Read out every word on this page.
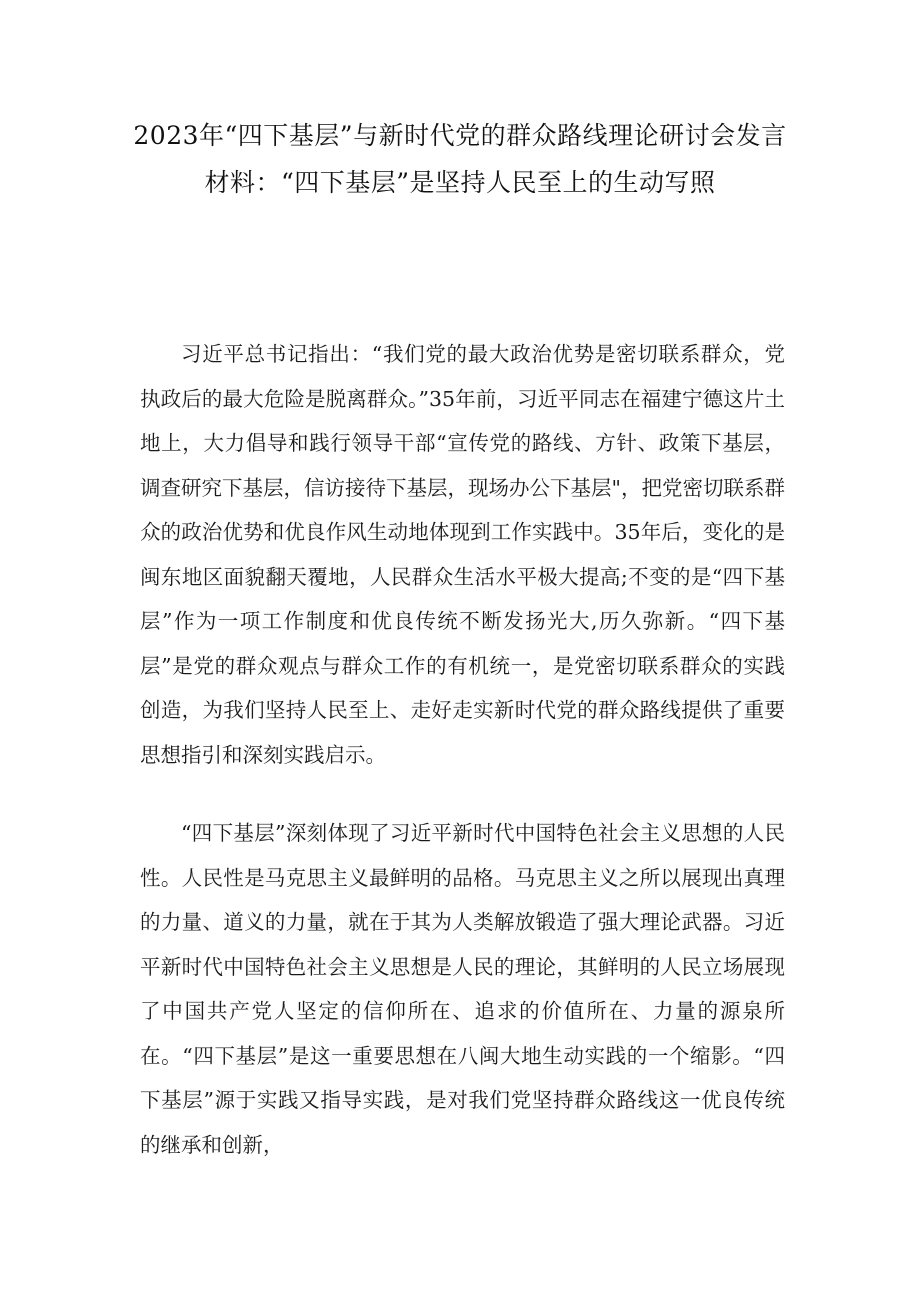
2023年“四下基层”与新时代党的群众路线理论研讨会发言材料：“四下基层”是坚持人民至上的生动写照

习近平总书记指出：“我们党的最大政治优势是密切联系群众，党执政后的最大危险是脱离群众。”35年前，习近平同志在福建宁德这片土地上，大力倡导和践行领导干部“宣传党的路线、方针、政策下基层，调查研究下基层，信访接待下基层，现场办公下基层"，把党密切联系群众的政治优势和优良作风生动地体现到工作实践中。35年后，变化的是闽东地区面貌翻天覆地，人民群众生活水平极大提高;不变的是“四下基层”作为一项工作制度和优良传统不断发扬光大,历久弥新。“四下基层”是党的群众观点与群众工作的有机统一，是党密切联系群众的实践创造，为我们坚持人民至上、走好走实新时代党的群众路线提供了重要思想指引和深刻实践启示。

“四下基层”深刻体现了习近平新时代中国特色社会主义思想的人民性。人民性是马克思主义最鲜明的品格。马克思主义之所以展现出真理的力量、道义的力量，就在于其为人类解放锻造了强大理论武器。习近平新时代中国特色社会主义思想是人民的理论，其鲜明的人民立场展现了中国共产党人坚定的信仰所在、追求的价值所在、力量的源泉所在。“四下基层”是这一重要思想在八闽大地生动实践的一个缩影。“四下基层”源于实践又指导实践，是对我们党坚持群众路线这一优良传统的继承和创新，
